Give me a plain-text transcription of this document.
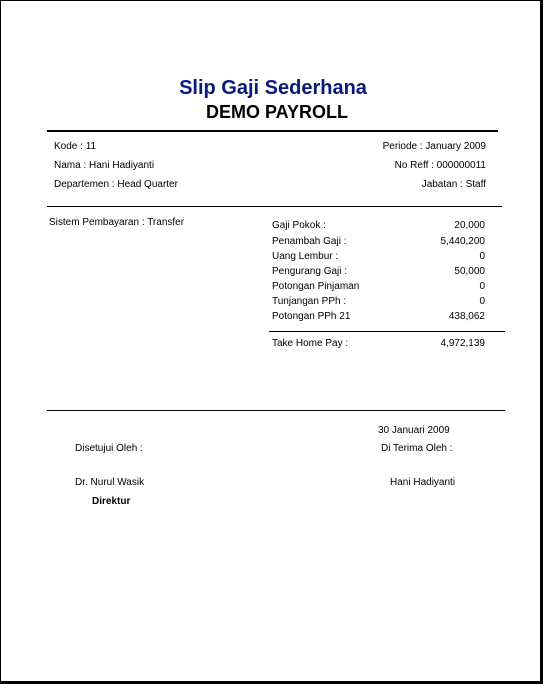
Slip Gaji Sederhana
DEMO PAYROLL
Kode : 11
Nama : Hani Hadiyanti
Departemen : Head Quarter
Periode : January 2009
No Reff : 000000011
Jabatan : Staff
Sistem Pembayaran : Transfer	Gaji Pokok :	20,000
Penambah Gaji :	5,440,200
Uang Lembur :	0
Pengurang Gaji :	50,000
Potongan Pinjaman	0
Tunjangan PPh :	0
Potongan PPh 21	438,062
Take Home Pay :	4,972,139
30 Januari 2009
Disetujui Oleh :	Di Terima Oleh :
Dr. Nurul Wasik	Hani Hadiyanti
Direktur
